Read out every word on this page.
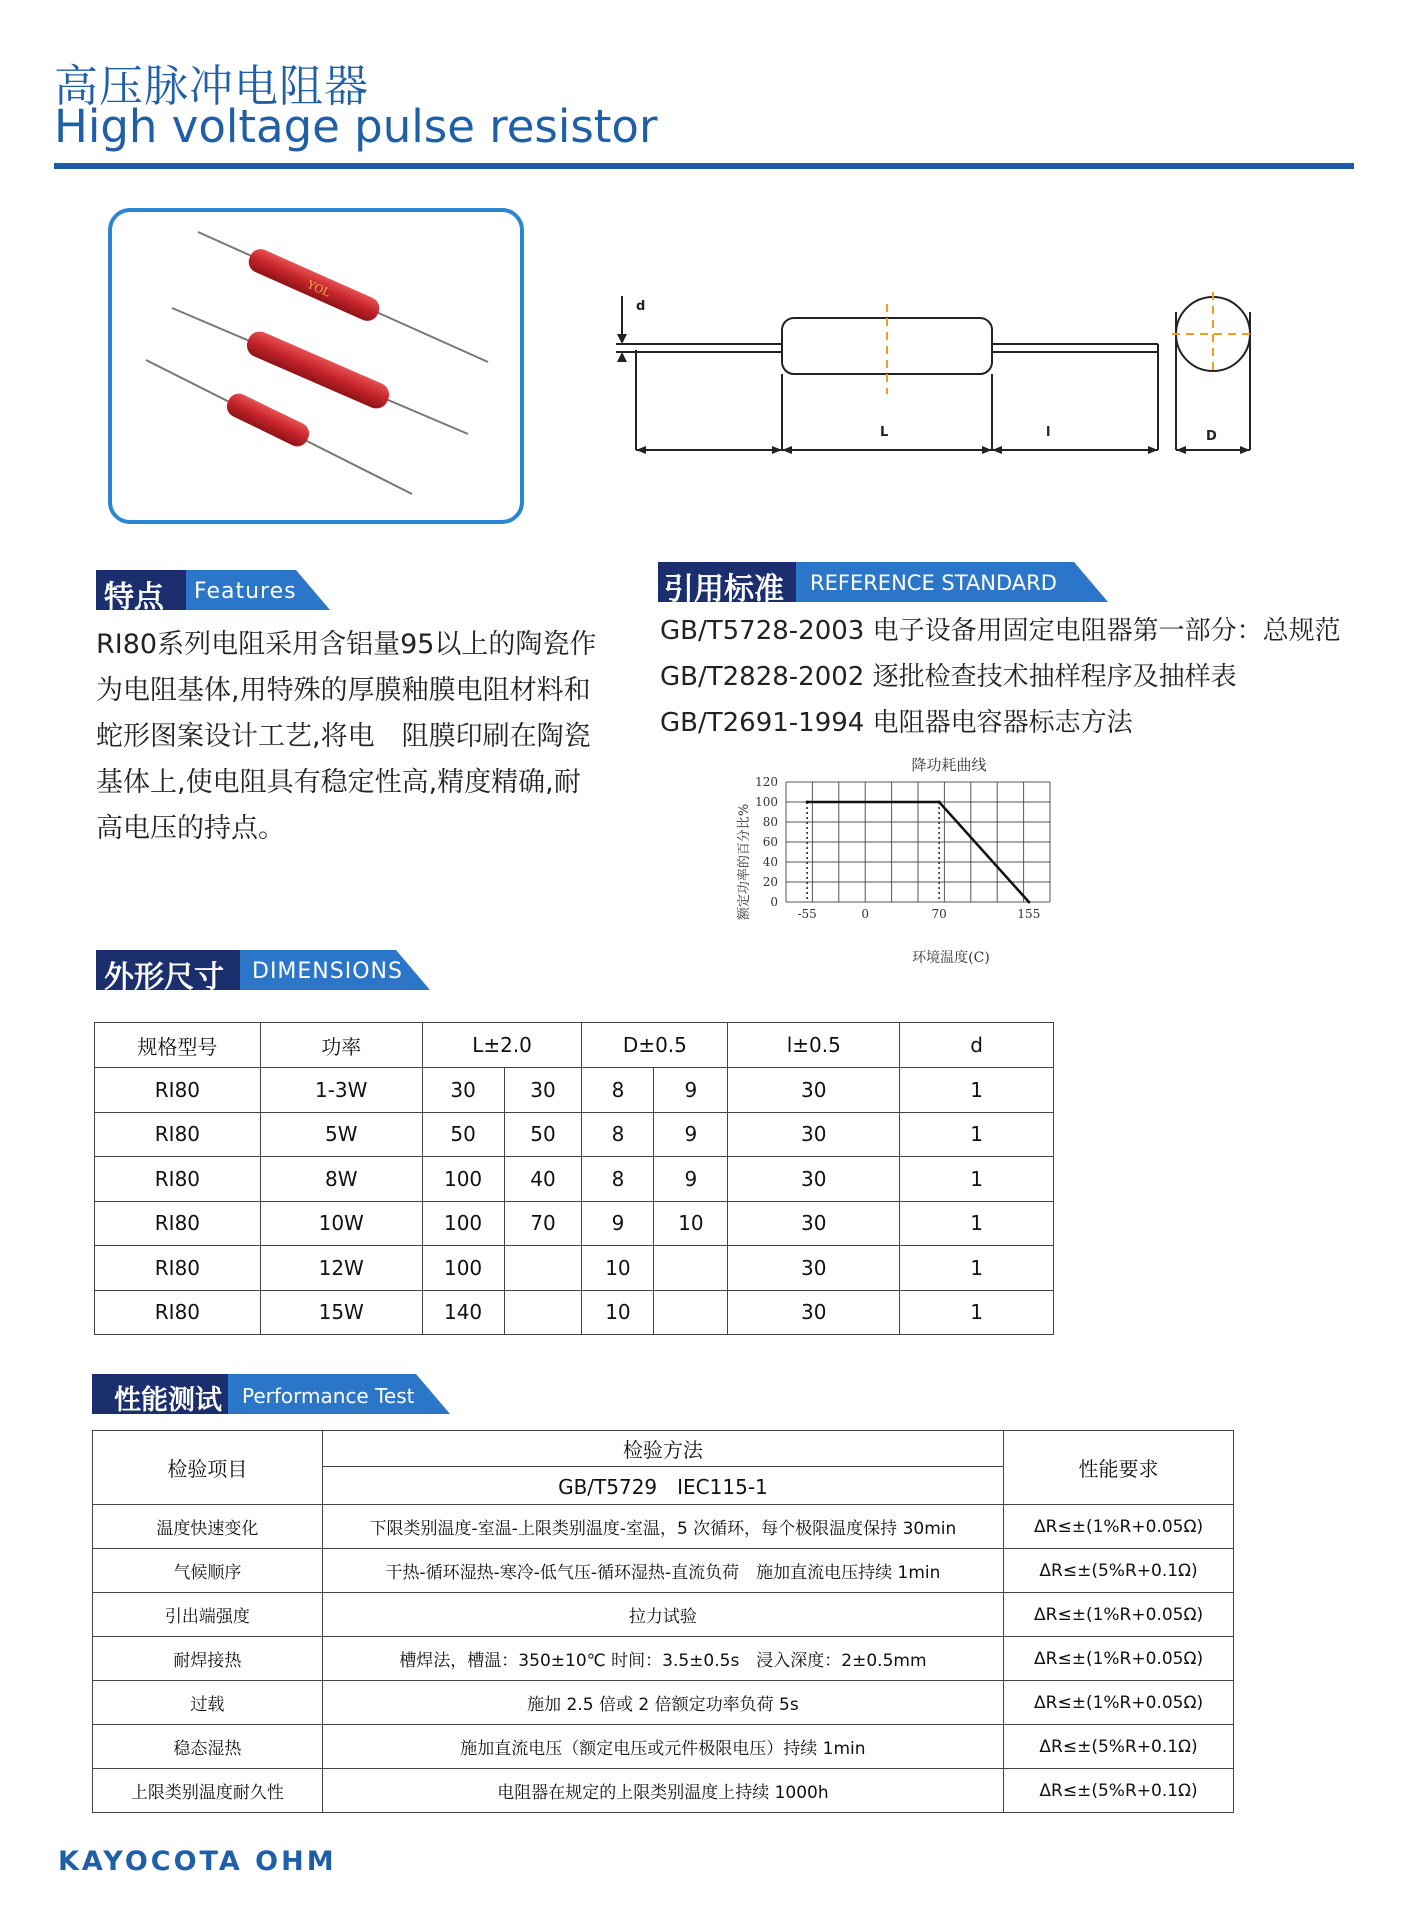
高压脉冲电阻器
High voltage pulse resistor
YOL
d
L	l	D
特点 Features
RI80系列电阻采用含铝量95以上的陶瓷作
为电阻基体,用特殊的厚膜釉膜电阻材料和
蛇形图案设计工艺,将电　阻膜印刷在陶瓷
基体上,使电阻具有稳定性高,精度精确,耐
高电压的持点。
引用标准 REFERENCE STANDARD
GB/T5728-2003 电子设备用固定电阻器第一部分：总规范
GB/T2828-2002 逐批检查技术抽样程序及抽样表
GB/T2691-1994 电阻器电容器标志方法
降功耗曲线
额定功率的百分比%
环境温度(C)
0
20
40
60
80
100
120
-55	0	70	155
外形尺寸 DIMENSIONS
规格型号	功率	L±2.0		D±0.5		l±0.5	d
RI80	1-3W	30	30	8	9	30	1
RI80	5W	50	50	8	9	30	1
RI80	8W	100	40	8	9	30	1
RI80	10W	100	70	9	10	30	1
RI80	12W	100		10		30	1
RI80	15W	140		10		30	1
性能测试 Performance Test
检验项目	检验方法	性能要求
	GB/T5729　IEC115-1	
温度快速变化	下限类别温度-室温-上限类别温度-室温，5 次循环，每个极限温度保持 30min	ΔR≤±(1%R+0.05Ω)
气候顺序	干热-循环湿热-寒冷-低气压-循环湿热-直流负荷　施加直流电压持续 1min	ΔR≤±(5%R+0.1Ω)
引出端强度	拉力试验	ΔR≤±(1%R+0.05Ω)
耐焊接热	槽焊法，槽温：350±10℃ 时间：3.5±0.5s　浸入深度：2±0.5mm	ΔR≤±(1%R+0.05Ω)
过载	施加 2.5 倍或 2 倍额定功率负荷 5s	ΔR≤±(1%R+0.05Ω)
稳态湿热	施加直流电压（额定电压或元件极限电压）持续 1min	ΔR≤±(5%R+0.1Ω)
上限类别温度耐久性	电阻器在规定的上限类别温度上持续 1000h	ΔR≤±(5%R+0.1Ω)
KAYOCOTA OHM
